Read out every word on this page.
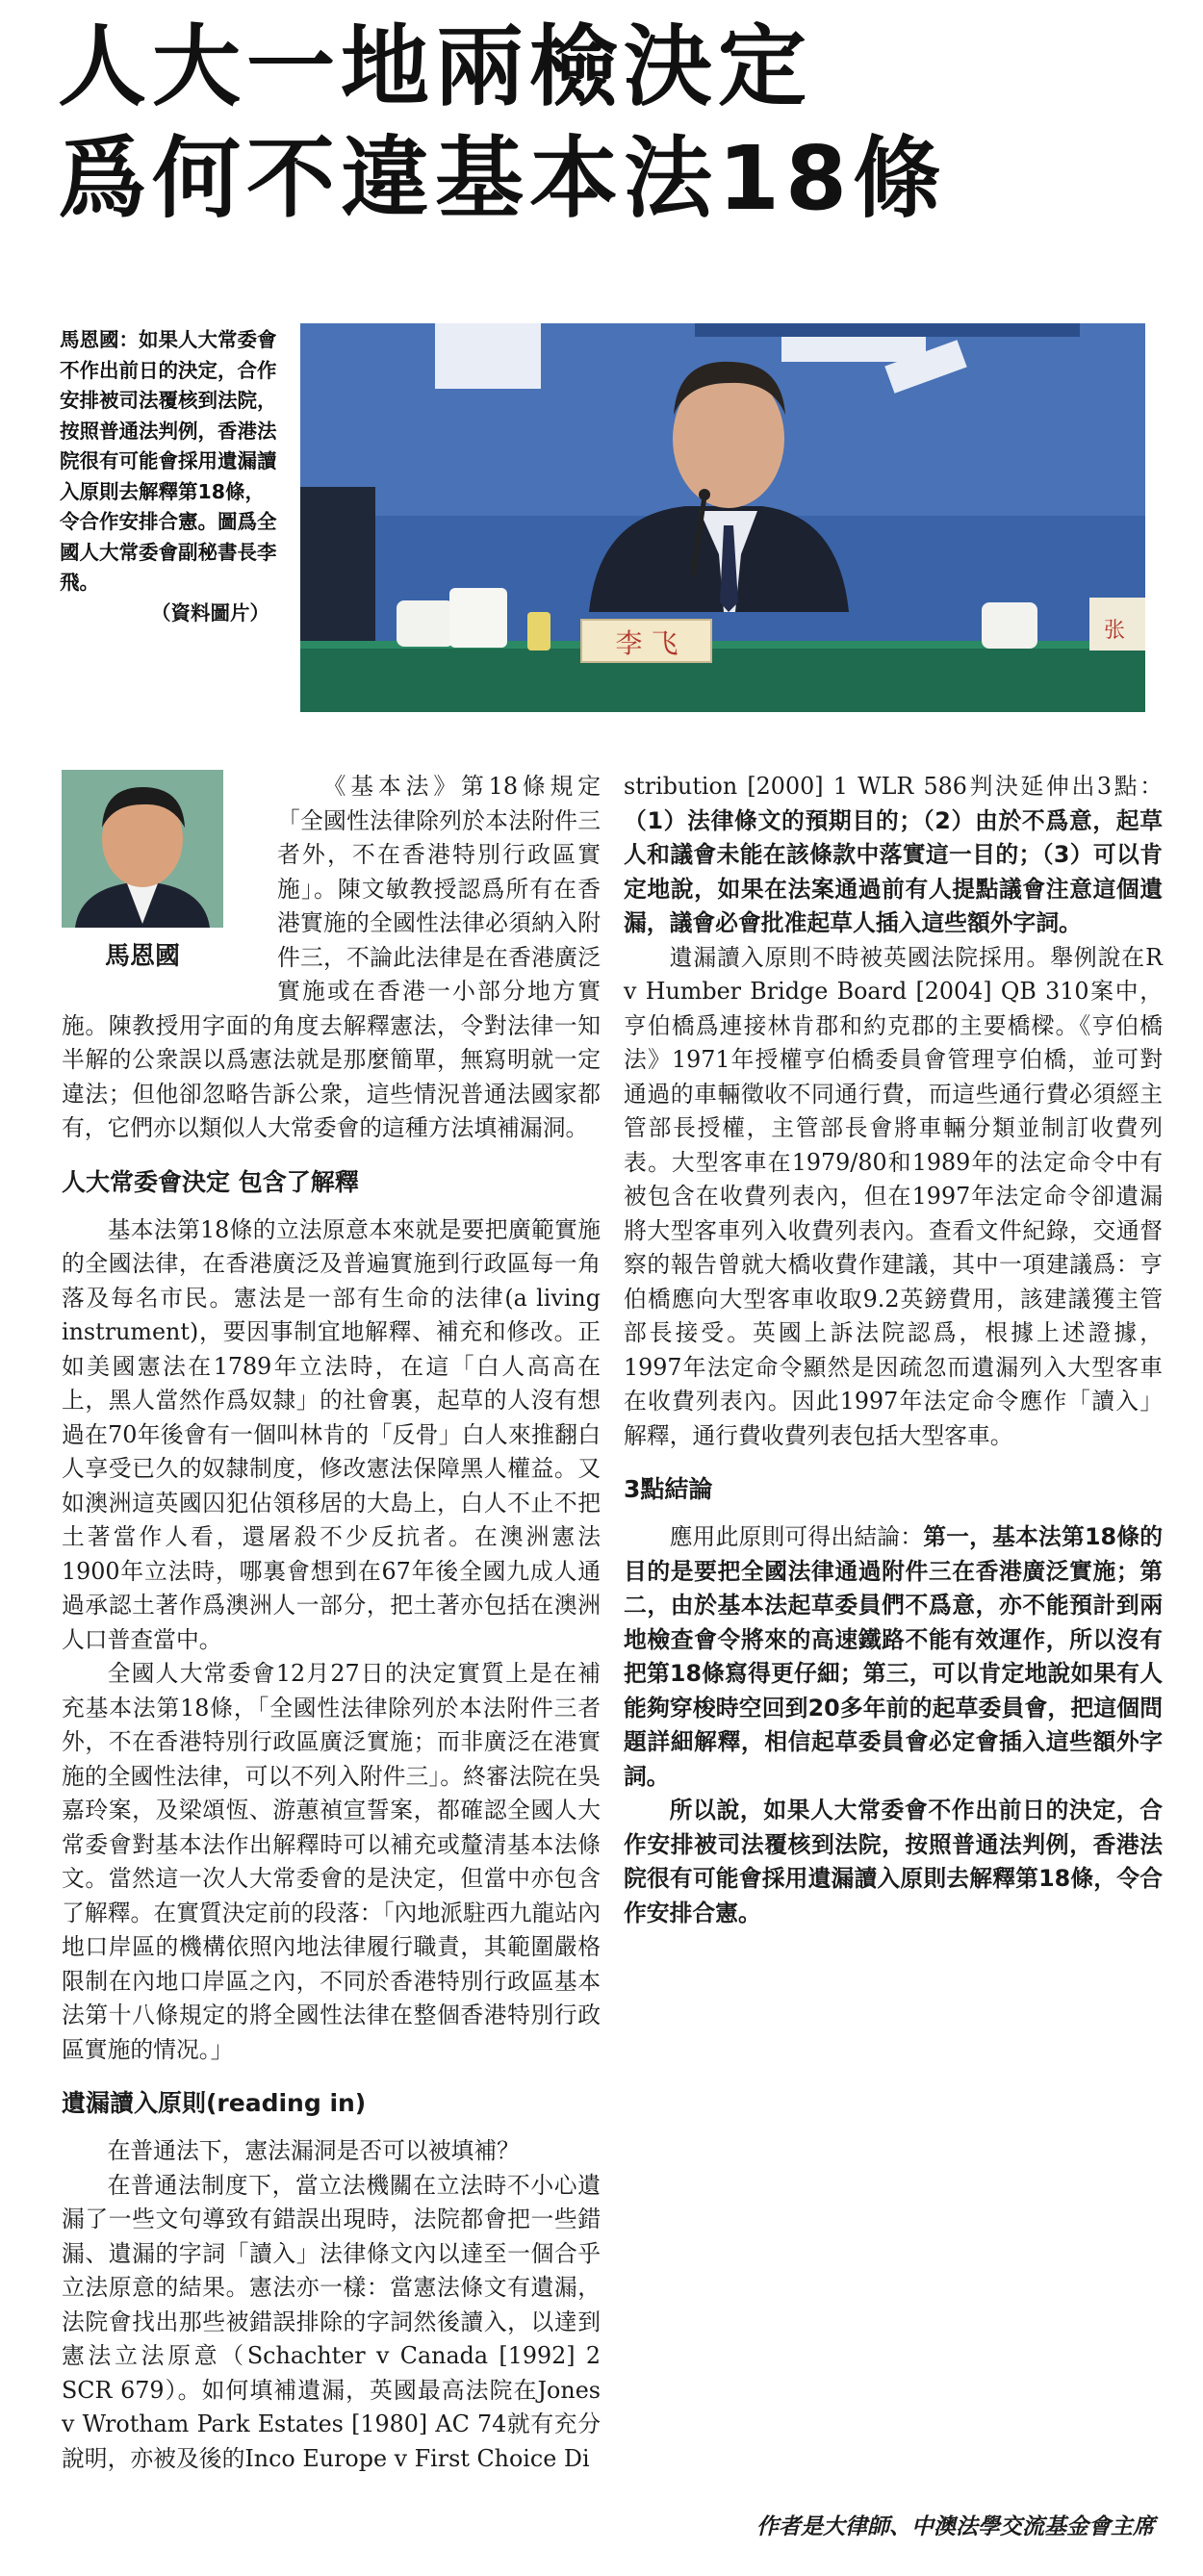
人大一地兩檢決定
爲何不違基本法18條
馬恩國：如果人大常委會不作出前日的決定，合作安排被司法覆核到法院，按照普通法判例，香港法院很有可能會採用遺漏讀入原則去解釋第18條，令合作安排合憲。圖爲全國人大常委會副秘書長李飛。
（資料圖片）
李 飞	张
馬恩國

《基本法》第18條規定「全國性法律除列於本法附件三者外，不在香港特別行政區實施」。陳文敏教授認爲所有在香港實施的全國性法律必須納入附件三，不論此法律是在香港廣泛實施或在香港一小部分地方實施。陳教授用字面的角度去解釋憲法，令對法律一知半解的公衆誤以爲憲法就是那麼簡單，無寫明就一定違法；但他卻忽略告訴公衆，這些情況普通法國家都有，它們亦以類似人大常委會的這種方法填補漏洞。

人大常委會決定 包含了解釋

基本法第18條的立法原意本來就是要把廣範實施的全國法律，在香港廣泛及普遍實施到行政區每一角落及每名市民。憲法是一部有生命的法律(a living instrument)，要因事制宜地解釋、補充和修改。正如美國憲法在1789年立法時，在這「白人高高在上，黑人當然作爲奴隸」的社會裏，起草的人沒有想過在70年後會有一個叫林肯的「反骨」白人來推翻白人享受已久的奴隸制度，修改憲法保障黑人權益。又如澳洲這英國囚犯佔領移居的大島上，白人不止不把土著當作人看，還屠殺不少反抗者。在澳洲憲法1900年立法時，哪裏會想到在67年後全國九成人通過承認土著作爲澳洲人一部分，把土著亦包括在澳洲人口普查當中。

全國人大常委會12月27日的決定實質上是在補充基本法第18條，「全國性法律除列於本法附件三者外，不在香港特別行政區廣泛實施；而非廣泛在港實施的全國性法律，可以不列入附件三」。終審法院在吳嘉玲案，及梁頌恆、游蕙禎宣誓案，都確認全國人大常委會對基本法作出解釋時可以補充或釐清基本法條文。當然這一次人大常委會的是決定，但當中亦包含了解釋。在實質決定前的段落：「內地派駐西九龍站內地口岸區的機構依照內地法律履行職責，其範圍嚴格限制在內地口岸區之內，不同於香港特別行政區基本法第十八條規定的將全國性法律在整個香港特別行政區實施的情况。」

遺漏讀入原則(reading in)

在普通法下，憲法漏洞是否可以被填補？

在普通法制度下，當立法機關在立法時不小心遺漏了一些文句導致有錯誤出現時，法院都會把一些錯漏、遺漏的字詞「讀入」法律條文內以達至一個合乎立法原意的結果。憲法亦一樣：當憲法條文有遺漏，法院會找出那些被錯誤排除的字詞然後讀入，以達到憲法立法原意（Schachter v Canada [1992] 2 SCR 679）。如何填補遺漏，英國最高法院在Jones v Wrotham Park Estates [1980] AC 74就有充分說明，亦被及後的Inco Europe v First Choice Di

stribution [2000] 1 WLR 586判決延伸出3點：（1）法律條文的預期目的；（2）由於不爲意，起草人和議會未能在該條款中落實這一目的；（3）可以肯定地說，如果在法案通過前有人提點議會注意這個遺漏，議會必會批准起草人插入這些額外字詞。

遺漏讀入原則不時被英國法院採用。舉例說在R v Humber Bridge Board [2004] QB 310案中，亨伯橋爲連接林肯郡和約克郡的主要橋樑。《亨伯橋法》1971年授權亨伯橋委員會管理亨伯橋，並可對通過的車輛徵收不同通行費，而這些通行費必須經主管部長授權，主管部長會將車輛分類並制訂收費列表。大型客車在1979/80和1989年的法定命令中有被包含在收費列表內，但在1997年法定命令卻遺漏將大型客車列入收費列表內。查看文件紀錄，交通督察的報告曾就大橋收費作建議，其中一項建議爲：亨伯橋應向大型客車收取9.2英鎊費用，該建議獲主管部長接受。英國上訴法院認爲，根據上述證據，1997年法定命令顯然是因疏忽而遺漏列入大型客車在收費列表內。因此1997年法定命令應作「讀入」解釋，通行費收費列表包括大型客車。

3點結論

應用此原則可得出結論：第一，基本法第18條的目的是要把全國法律通過附件三在香港廣泛實施；第二，由於基本法起草委員們不爲意，亦不能預計到兩地檢查會令將來的高速鐵路不能有效運作，所以沒有把第18條寫得更仔細；第三，可以肯定地說如果有人能夠穿梭時空回到20多年前的起草委員會，把這個問題詳細解釋，相信起草委員會必定會插入這些額外字詞。

所以說，如果人大常委會不作出前日的決定，合作安排被司法覆核到法院，按照普通法判例，香港法院很有可能會採用遺漏讀入原則去解釋第18條，令合作安排合憲。

作者是大律師、中澳法學交流基金會主席
